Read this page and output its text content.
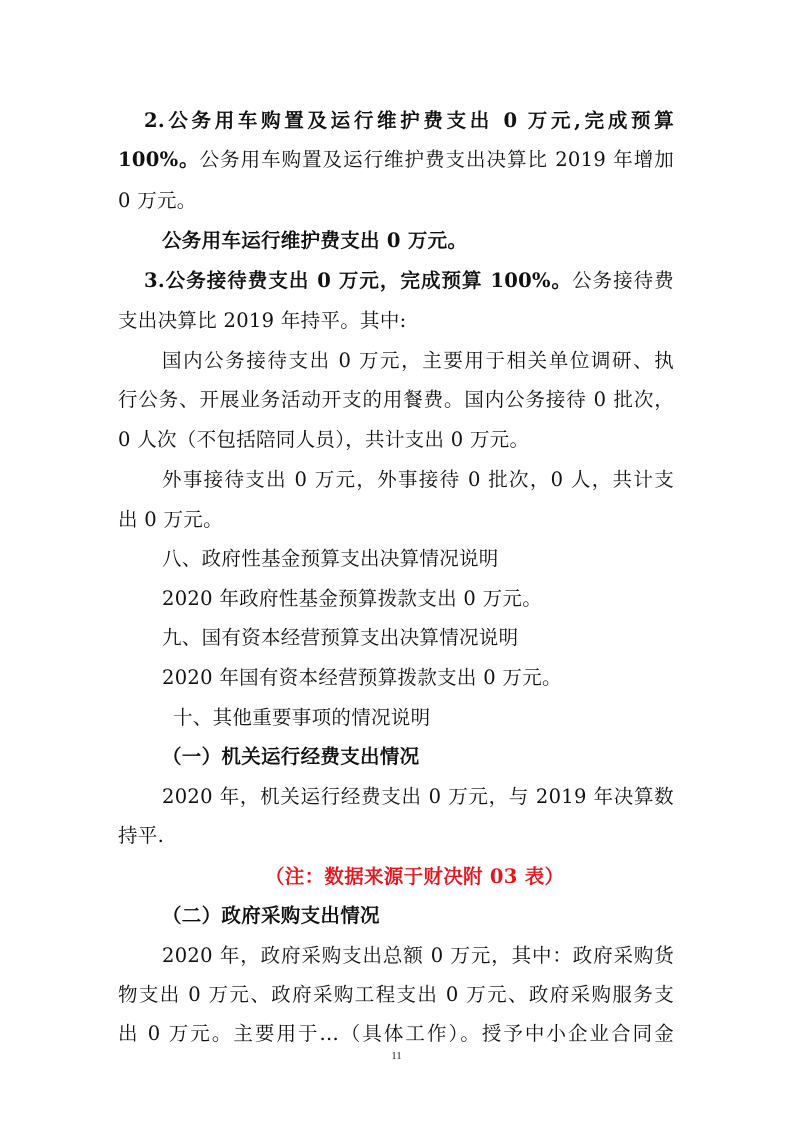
2.公务用车购置及运行维护费支出 0 万元,完成预算
100%。公务用车购置及运行维护费支出决算比 2019 年增加
0 万元。
公务用车运行维护费支出 0 万元。
3.公务接待费支出 0 万元，完成预算 100%。公务接待费
支出决算比 2019 年持平。其中:
国内公务接待支出 0 万元，主要用于相关单位调研、执
行公务、开展业务活动开支的用餐费。国内公务接待 0 批次，
0 人次（不包括陪同人员），共计支出 0 万元。
外事接待支出 0 万元，外事接待 0 批次，0 人，共计支
出 0 万元。
八、政府性基金预算支出决算情况说明
2020 年政府性基金预算拨款支出 0 万元。
九、国有资本经营预算支出决算情况说明
2020 年国有资本经营预算拨款支出 0 万元。
十、其他重要事项的情况说明
（一）机关运行经费支出情况
2020 年，机关运行经费支出 0 万元，与 2019 年决算数
持平.
（注：数据来源于财决附 03 表）
（二）政府采购支出情况
2020 年，政府采购支出总额 0 万元，其中：政府采购货
物支出 0 万元、政府采购工程支出 0 万元、政府采购服务支
出 0 万元。主要用于...（具体工作）。授予中小企业合同金
11
